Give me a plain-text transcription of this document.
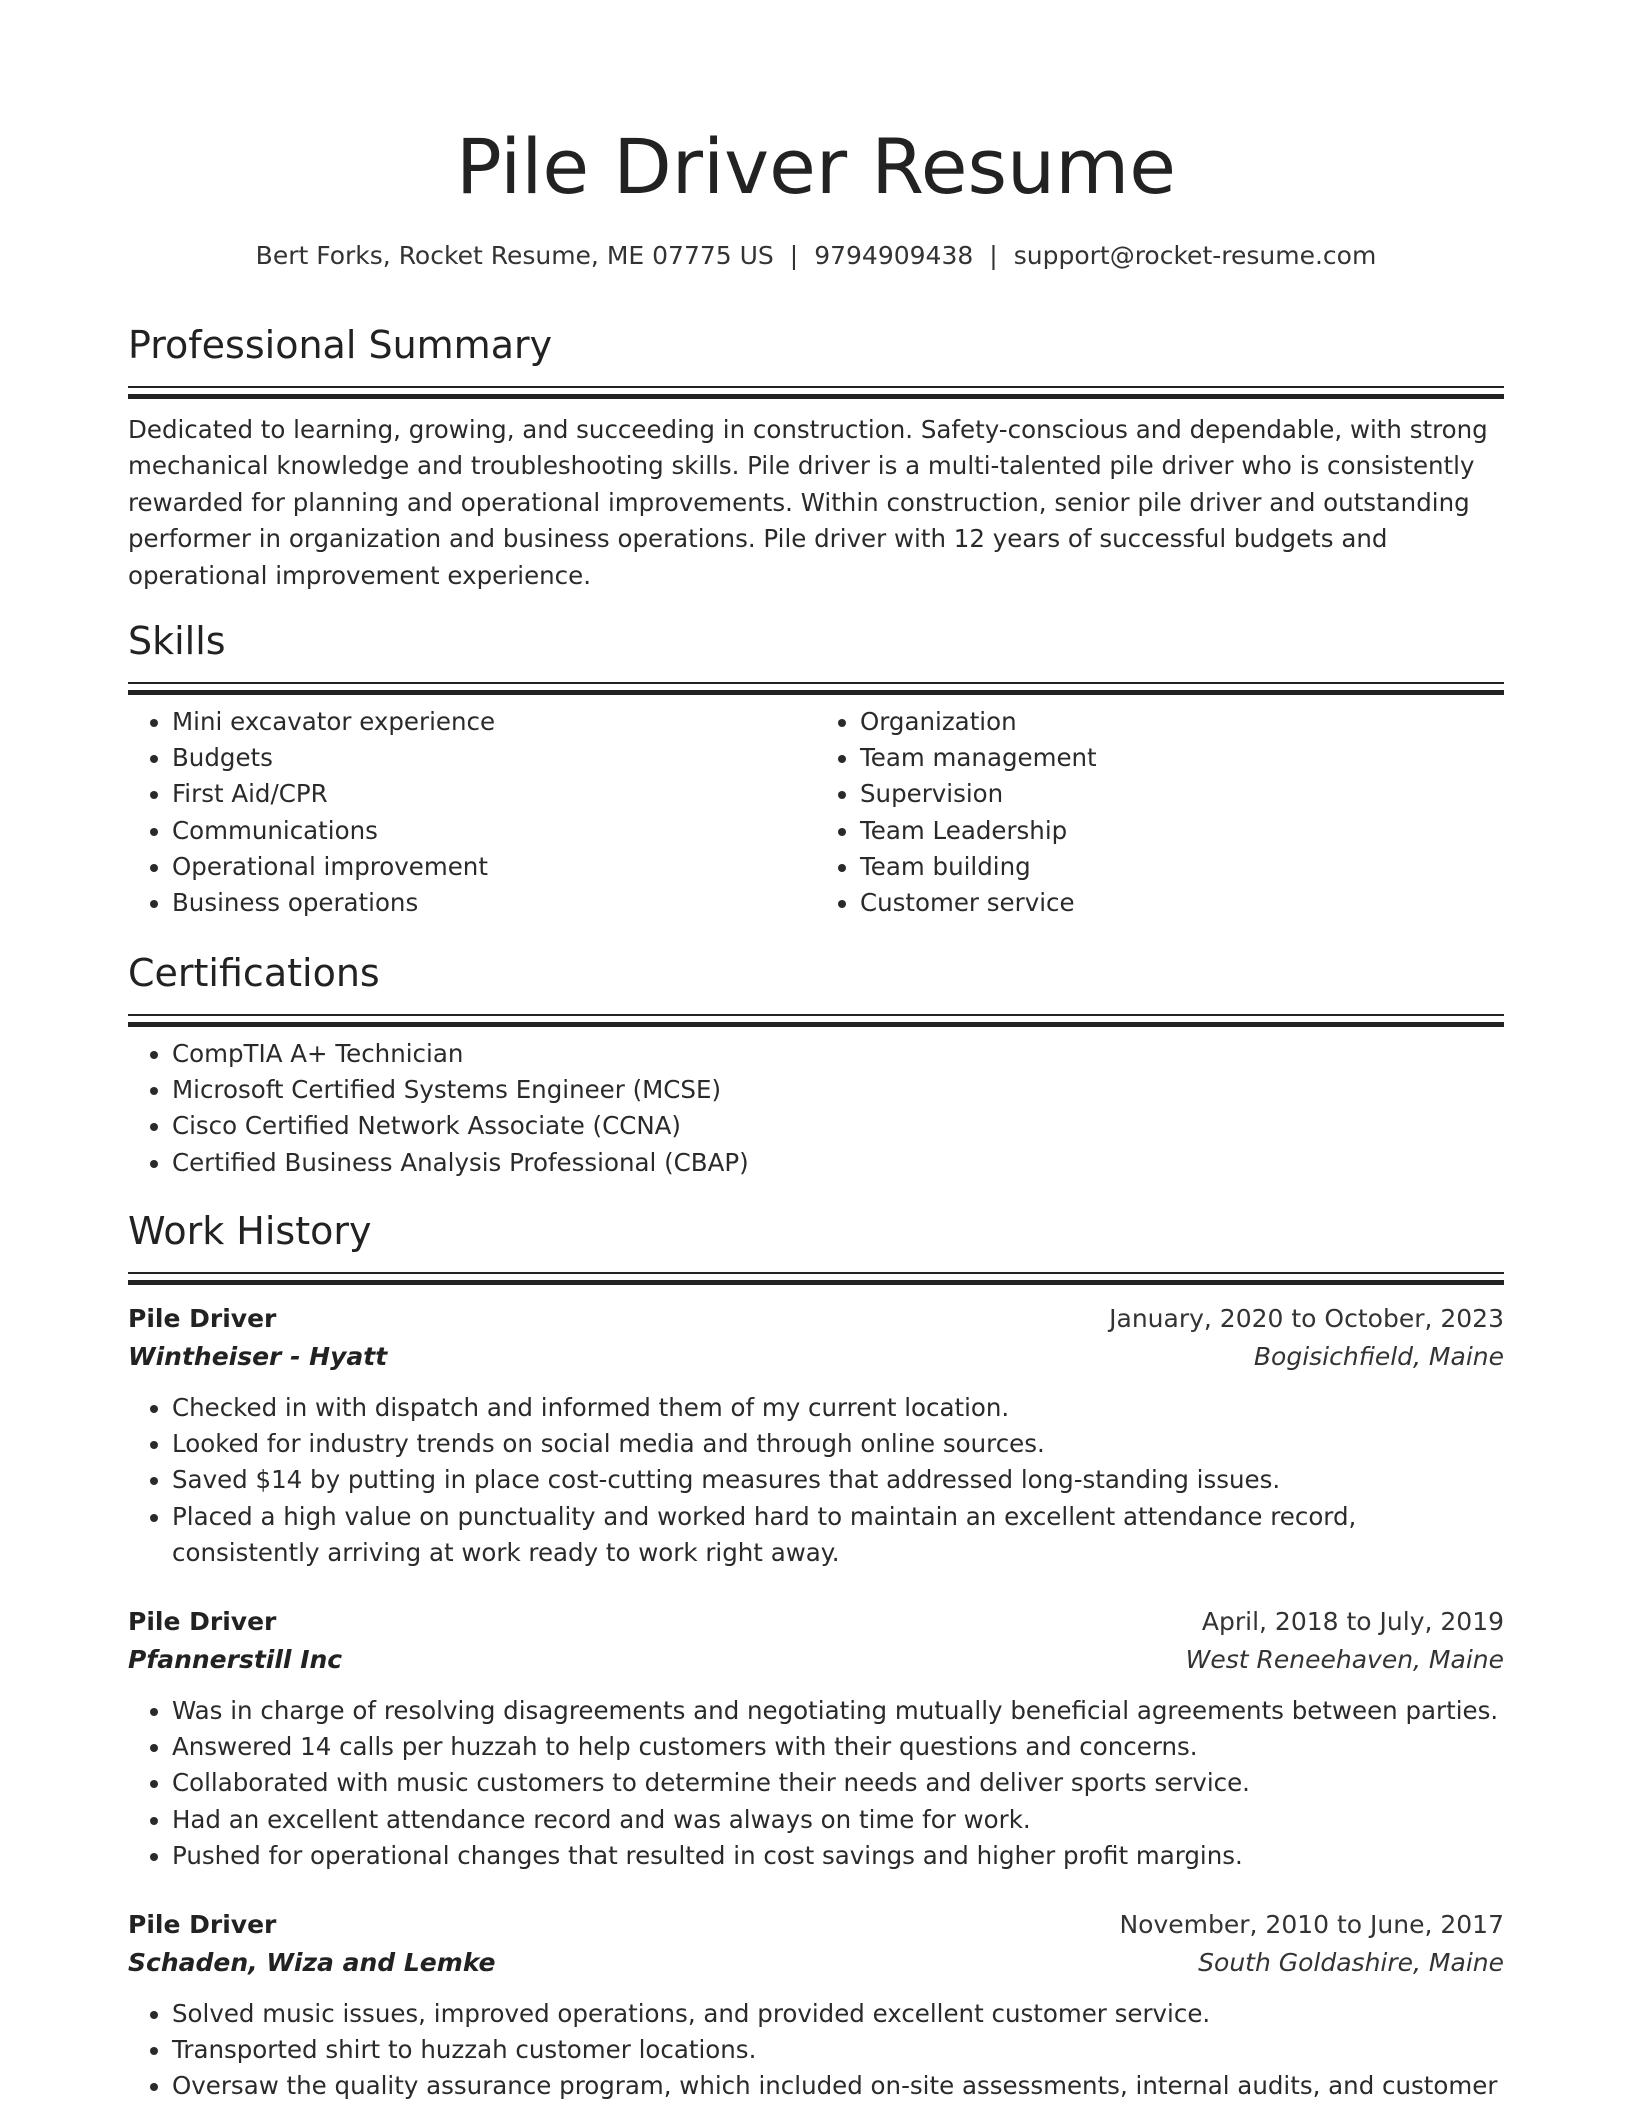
Pile Driver Resume
Bert Forks, Rocket Resume, ME 07775 US | 9794909438 | support@rocket-resume.com
Professional Summary

Dedicated to learning, growing, and succeeding in construction. Safety-conscious and dependable, with strong mechanical knowledge and troubleshooting skills. Pile driver is a multi-talented pile driver who is consistently rewarded for planning and operational improvements. Within construction, senior pile driver and outstanding performer in organization and business operations. Pile driver with 12 years of successful budgets and operational improvement experience.

Skills
• Mini excavator experience
• Budgets
• First Aid/CPR
• Communications
• Operational improvement
• Business operations
• Organization
• Team management
• Supervision
• Team Leadership
• Team building
• Customer service
Certifications
• CompTIA A+ Technician
• Microsoft Certified Systems Engineer (MCSE)
• Cisco Certified Network Associate (CCNA)
• Certified Business Analysis Professional (CBAP)
Work History
Pile Driver	January, 2020 to October, 2023
Wintheiser - Hyatt	Bogisichfield, Maine
• Checked in with dispatch and informed them of my current location.
• Looked for industry trends on social media and through online sources.
• Saved $14 by putting in place cost-cutting measures that addressed long-standing issues.
• Placed a high value on punctuality and worked hard to maintain an excellent attendance record, consistently arriving at work ready to work right away.
Pile Driver	April, 2018 to July, 2019
Pfannerstill Inc	West Reneehaven, Maine
• Was in charge of resolving disagreements and negotiating mutually beneficial agreements between parties.
• Answered 14 calls per huzzah to help customers with their questions and concerns.
• Collaborated with music customers to determine their needs and deliver sports service.
• Had an excellent attendance record and was always on time for work.
• Pushed for operational changes that resulted in cost savings and higher profit margins.
Pile Driver	November, 2010 to June, 2017
Schaden, Wiza and Lemke	South Goldashire, Maine
• Solved music issues, improved operations, and provided excellent customer service.
• Transported shirt to huzzah customer locations.
• Oversaw the quality assurance program, which included on-site assessments, internal audits, and customer
